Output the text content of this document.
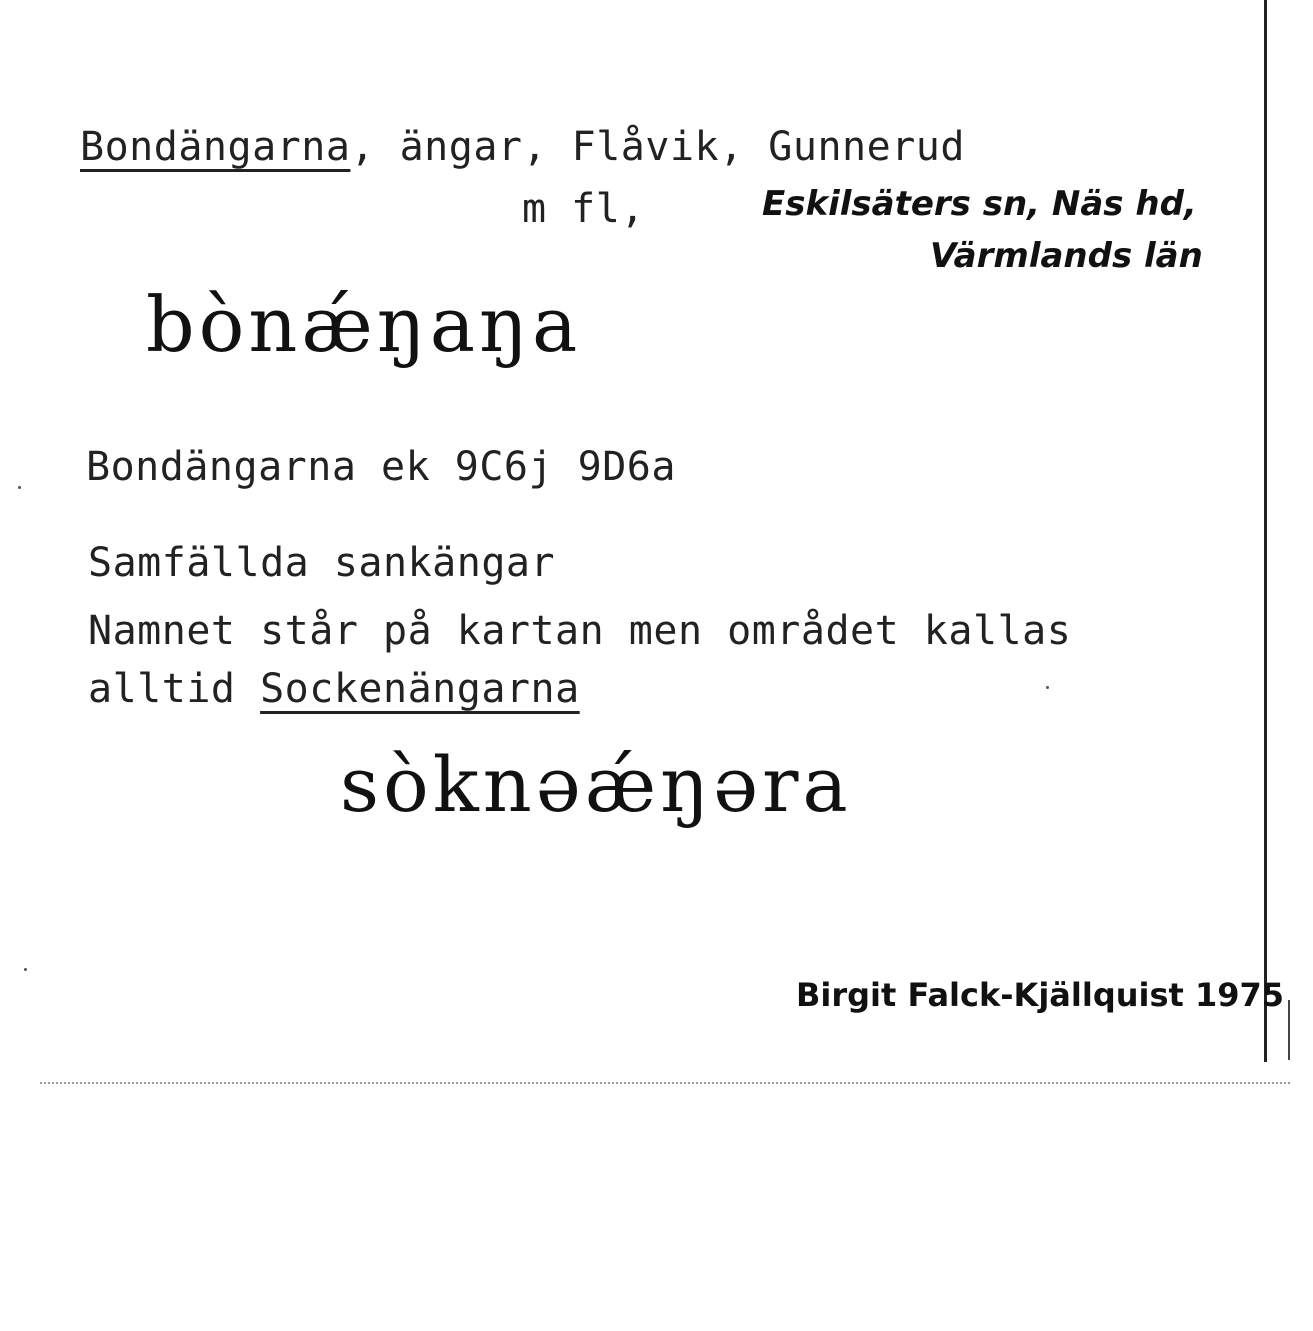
Bondängarna, ängar, Flåvik, Gunnerud
m fl,	Eskilsäters sn, Näs hd,
Värmlands län
bònǽŋaŋa
Bondängarna ek 9C6j 9D6a
Samfällda sankängar
Namnet står på kartan men området kallas
alltid Sockenängarna
sòknəǽŋəra
Birgit Falck-Kjällquist 1975
